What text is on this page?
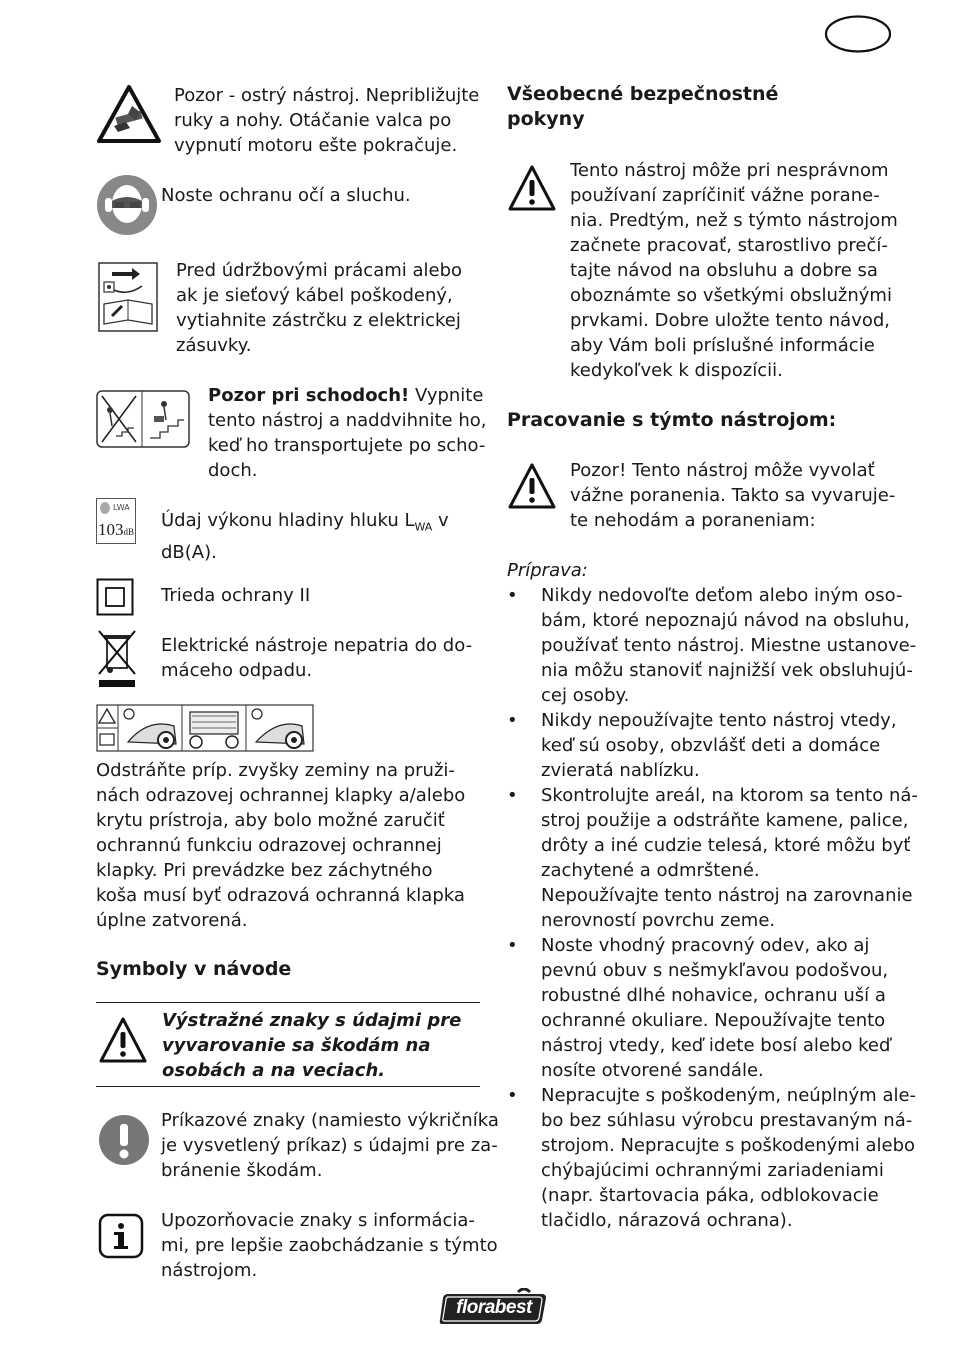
Pozor - ostrý nástroj. Nepribližujte
ruky a nohy. Otáčanie valca po
vypnutí motoru ešte pokračuje.
Noste ochranu očí a sluchu.
Pred údržbovými prácami alebo
ak je sieťový kábel poškodený,
vytiahnite zástrčku z elektrickej
zásuvky.
Pozor pri schodoch! Vypnite
tento nástroj a naddvihnite ho,
keď ho transportujete po scho-
doch.
LWA
103dB
Údaj výkonu hladiny hluku $L_{WA}$ v
dB(A).
Trieda ochrany II
Elektrické nástroje nepatria do do-
máceho odpadu.
Odstráňte príp. zvyšky zeminy na pruži-
nách odrazovej ochrannej klapky a/alebo
krytu prístroja, aby bolo možné zaručiť
ochrannú funkciu odrazovej ochrannej
klapky. Pri prevádzke bez záchytného
koša musí byť odrazová ochranná klapka
úplne zatvorená.
Symboly v návode
Výstražné znaky s údajmi pre
vyvarovanie sa škodám na
osobách a na veciach.
Príkazové znaky (namiesto výkričníka
je vysvetlený príkaz) s údajmi pre za-
bránenie škodám.
Upozorňovacie znaky s informácia-
mi, pre lepšie zaobchádzanie s týmto
nástrojom.
Všeobecné bezpečnostné
pokyny
Tento nástroj môže pri nesprávnom
používaní zapríčiniť vážne porane-
nia. Predtým, než s týmto nástrojom
začnete pracovať, starostlivo prečí-
tajte návod na obsluhu a dobre sa
oboznámte so všetkými obslužnými
prvkami. Dobre uložte tento návod,
aby Vám boli príslušné informácie
kedykoľvek k dispozícii.
Pracovanie s týmto nástrojom:
Pozor! Tento nástroj môže vyvolať
vážne poranenia. Takto sa vyvaruje-
te nehodám a poraneniam:
Príprava:
• Nikdy nedovoľte deťom alebo iným oso-
bám, ktoré nepoznajú návod na obsluhu,
používať tento nástroj. Miestne ustanove-
nia môžu stanoviť najnižší vek obsluhujú-
cej osoby.
• Nikdy nepoužívajte tento nástroj vtedy,
keď sú osoby, obzvlášť deti a domáce
zvieratá nablízku.
• Skontrolujte areál, na ktorom sa tento ná-
stroj použije a odstráňte kamene, palice,
drôty a iné cudzie telesá, ktoré môžu byť
zachytené a odmrštené.
Nepoužívajte tento nástroj na zarovnanie
nerovností povrchu zeme.
• Noste vhodný pracovný odev, ako aj
pevnú obuv s nešmykľavou podošvou,
robustné dlhé nohavice, ochranu uší a
ochranné okuliare. Nepoužívajte tento
nástroj vtedy, keď idete bosí alebo keď
nosíte otvorené sandále.
• Nepracujte s poškodeným, neúplným ale-
bo bez súhlasu výrobcu prestavaným ná-
strojom. Nepracujte s poškodenými alebo
chýbajúcimi ochrannými zariadeniami
(napr. štartovacia páka, odblokovacie
tlačidlo, nárazová ochrana).
florabest
